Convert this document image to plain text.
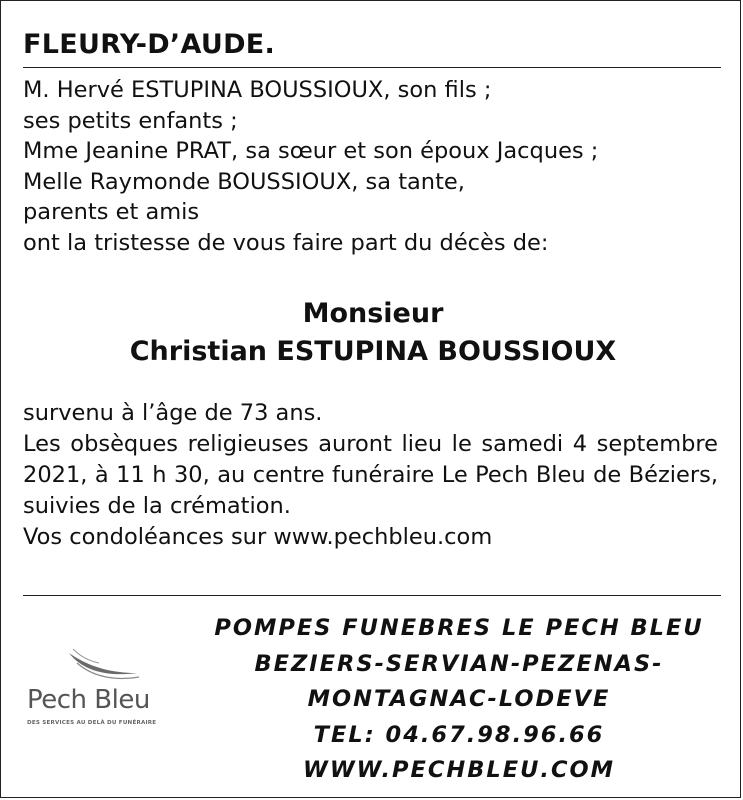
FLEURY-D’AUDE.
M. Hervé ESTUPINA BOUSSIOUX, son fils ;
ses petits enfants ;
Mme Jeanine PRAT, sa sœur et son époux Jacques ;
Melle Raymonde BOUSSIOUX, sa tante,
parents et amis
ont la tristesse de vous faire part du décès de:
Monsieur
Christian ESTUPINA BOUSSIOUX

survenu à l’âge de 73 ans.

Les obsèques religieuses auront lieu le samedi 4 septembre 2021, à 11 h 30, au centre funéraire Le Pech Bleu de Béziers, suivies de la crémation.

Vos condoléances sur www.pechbleu.com

Pech Bleu
DES SERVICES AU DELÀ DU FUNÉRAIRE
POMPES FUNEBRES LE PECH BLEU
BEZIERS-SERVIAN-PEZENAS-
MONTAGNAC-LODEVE
TEL: 04.67.98.96.66
WWW.PECHBLEU.COM
